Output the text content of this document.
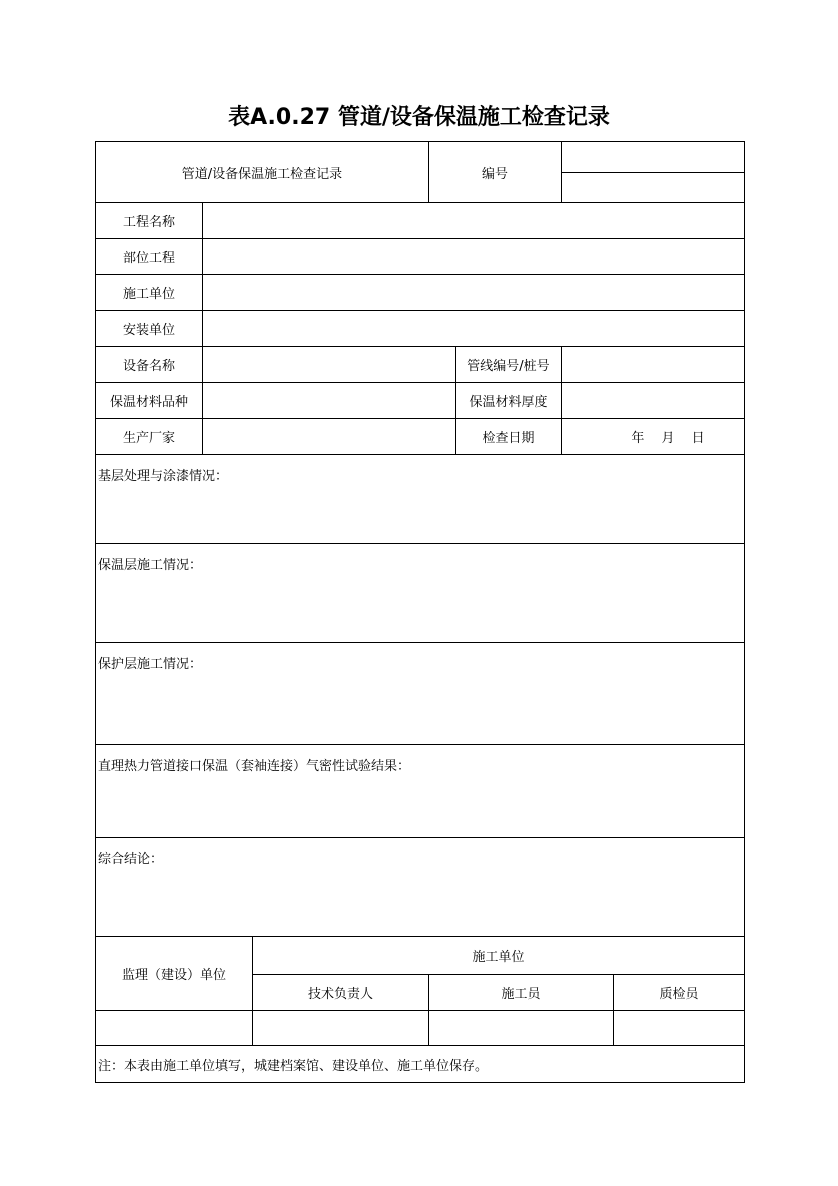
表A.0.27 管道/设备保温施工检查记录
管道/设备保温施工检查记录	编号
工程名称
部位工程
施工单位
安装单位
设备名称	管线编号/桩号
保温材料品种	保温材料厚度
生产厂家	检查日期	年　 月　 日
基层处理与涂漆情况：
保温层施工情况：
保护层施工情况：
直理热力管道接口保温（套袖连接）气密性试验结果：
综合结论：
监理（建设）单位
施工单位
技术负责人	施工员	质检员
注：本表由施工单位填写，城建档案馆、建设单位、施工单位保存。
